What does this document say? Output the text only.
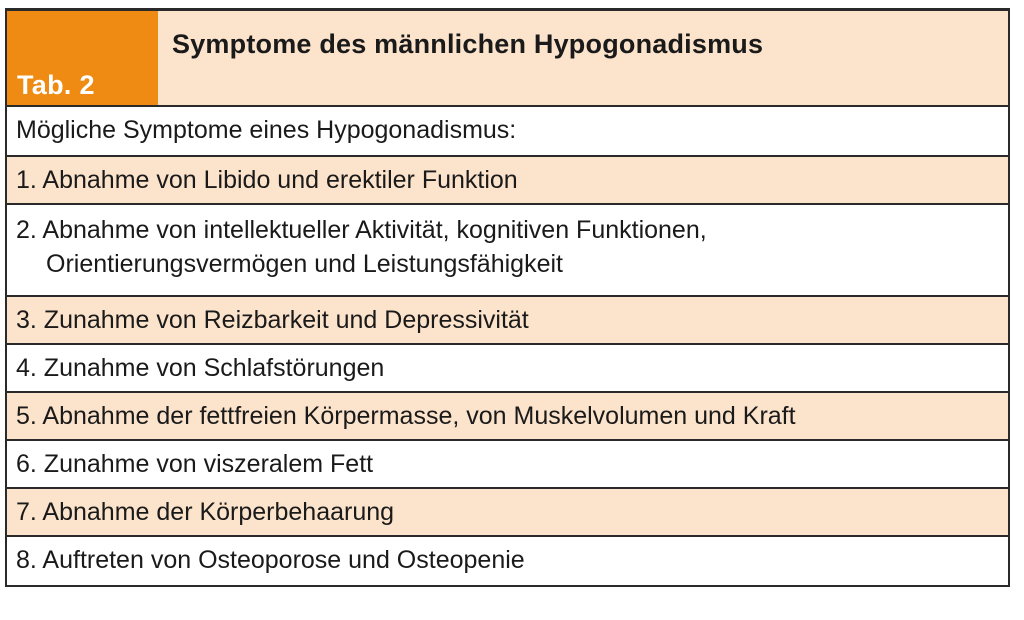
Tab. 2
Symptome des männlichen Hypogonadismus
Mögliche Symptome eines Hypogonadismus:
1. Abnahme von Libido und erektiler Funktion
2. Abnahme von intellektueller Aktivität, kognitiven Funktionen,
Orientierungsvermögen und Leistungsfähigkeit
3. Zunahme von Reizbarkeit und Depressivität
4. Zunahme von Schlafstörungen
5. Abnahme der fettfreien Körpermasse, von Muskelvolumen und Kraft
6. Zunahme von viszeralem Fett
7. Abnahme der Körperbehaarung
8. Auftreten von Osteoporose und Osteopenie
